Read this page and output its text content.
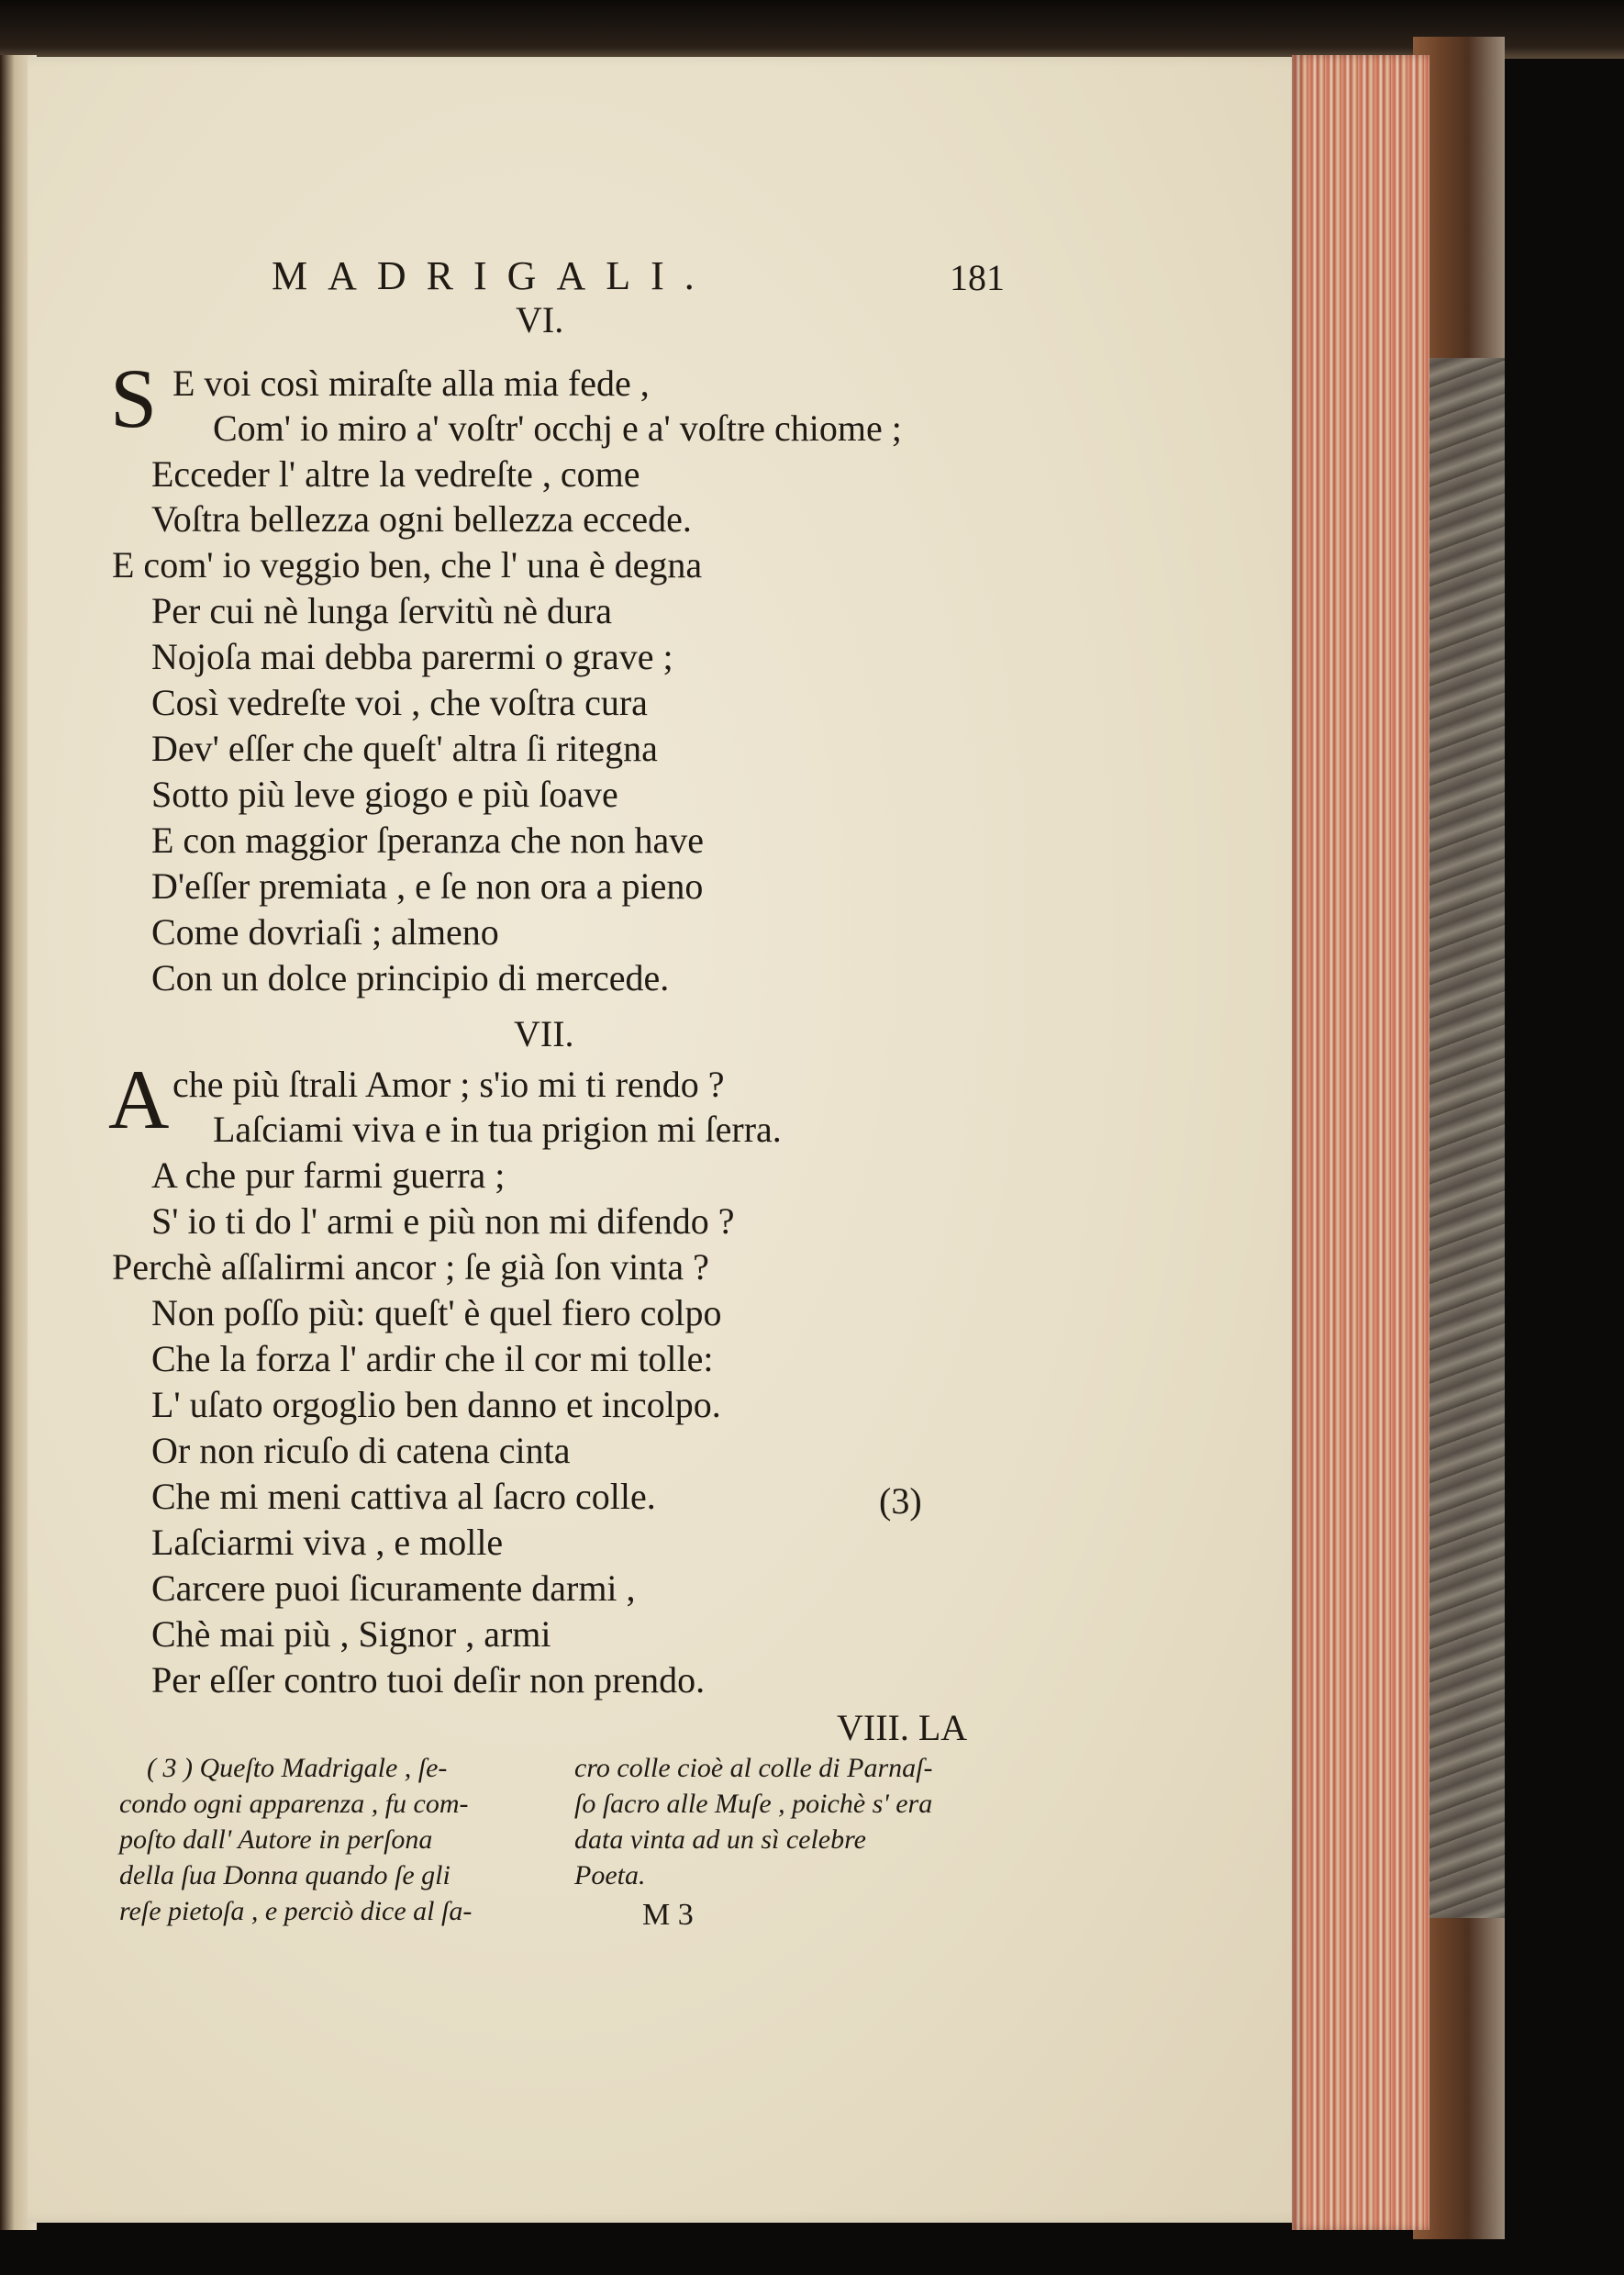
MADRIGALI.	181
VI.
S E voi così miraſte alla mia fede ,
Com' io miro a' voſtr' occhj e a' voſtre chiome ;
Ecceder l' altre la vedreſte , come
Voſtra bellezza ogni bellezza eccede.
E com' io veggio ben, che l' una è degna
Per cui nè lunga ſervitù nè dura
Nojoſa mai debba parermi o grave ;
Così vedreſte voi , che voſtra cura
Dev' eſſer che queſt' altra ſi ritegna
Sotto più leve giogo e più ſoave
E con maggior ſperanza che non have
D'eſſer premiata , e ſe non ora a pieno
Come dovriaſi ; almeno
Con un dolce principio di mercede.
VII.
A che più ſtrali Amor ; s'io mi ti rendo ?
Laſciami viva e in tua prigion mi ſerra.
A che pur farmi guerra ;
S' io ti do l' armi e più non mi difendo ?
Perchè aſſalirmi ancor ; ſe già ſon vinta ?
Non poſſo più: queſt' è quel fiero colpo
Che la forza l' ardir che il cor mi tolle:
L' uſato orgoglio ben danno et incolpo.
Or non ricuſo di catena cinta
Che mi meni cattiva al ſacro colle.	(3)
Laſciarmi viva , e molle
Carcere puoi ſicuramente darmi ,
Chè mai più , Signor , armi
Per eſſer contro tuoi deſir non prendo.
VIII. LA
( 3 ) Queſto Madrigale , ſe-
condo ogni apparenza , fu com-
poſto dall' Autore in perſona
della ſua Donna quando ſe gli
reſe pietoſa , e perciò dice al ſa-
cro colle cioè al colle di Parnaſ-
ſo ſacro alle Muſe , poichè s' era
data vinta ad un sì celebre
Poeta.
M 3
